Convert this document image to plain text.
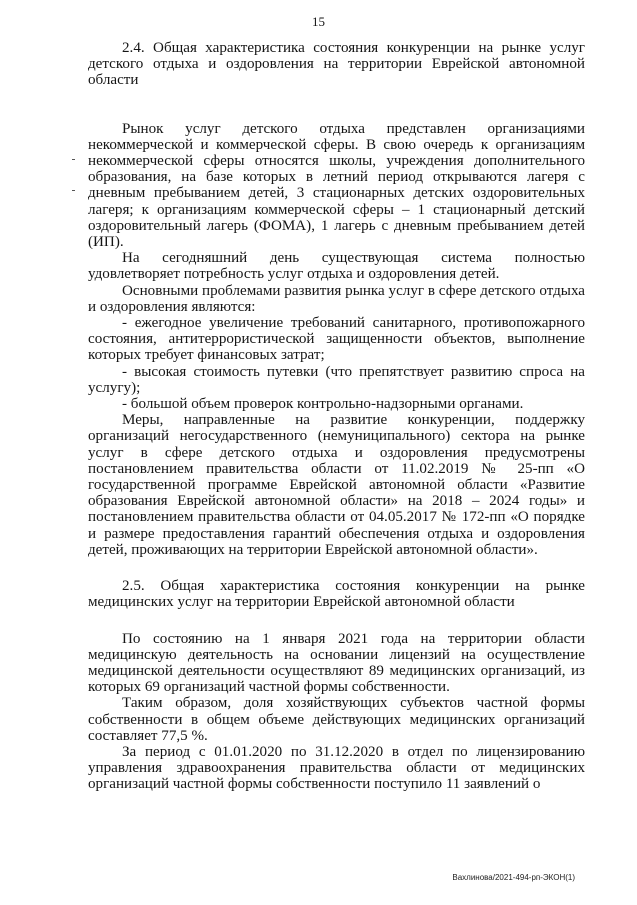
15

2.4. Общая характеристика состояния конкуренции на рынке услуг детского отдыха и оздоровления на территории Еврейской автономной области

Рынок услуг детского отдыха представлен организациями некоммерческой и коммерческой сферы. В свою очередь к организациям некоммерческой сферы относятся школы, учреждения дополнительного образования, на базе которых в летний период открываются лагеря с дневным пребыванием детей, 3 стационарных детских оздоровительных лагеря; к организациям коммерческой сферы – 1 стационарный детский оздоровительный лагерь (ФОМА), 1 лагерь с дневным пребыванием детей (ИП).

На сегодняшний день существующая система полностью удовлетворяет потребность услуг отдыха и оздоровления детей.

Основными проблемами развития рынка услуг в сфере детского отдыха и оздоровления являются:

- ежегодное увеличение требований санитарного, противопожарного состояния, антитеррористической защищенности объектов, выполнение которых требует финансовых затрат;

- высокая стоимость путевки (что препятствует развитию спроса на услугу);

- большой объем проверок контрольно-надзорными органами.

Меры, направленные на развитие конкуренции, поддержку организаций негосударственного (немуниципального) сектора на рынке услуг в сфере детского отдыха и оздоровления предусмотрены постановлением правительства области от 11.02.2019 № 25-пп «О государственной программе Еврейской автономной области «Развитие образования Еврейской автономной области» на 2018 – 2024 годы» и постановлением правительства области от 04.05.2017 № 172-пп «О порядке и размере предоставления гарантий обеспечения отдыха и оздоровления детей, проживающих на территории Еврейской автономной области».

2.5. Общая характеристика состояния конкуренции на рынке медицинских услуг на территории Еврейской автономной области

По состоянию на 1 января 2021 года на территории области медицинскую деятельность на основании лицензий на осуществление медицинской деятельности осуществляют 89 медицинских организаций, из которых 69 организаций частной формы собственности.

Таким образом, доля хозяйствующих субъектов частной формы собственности в общем объеме действующих медицинских организаций составляет 77,5 %.

За период с 01.01.2020 по 31.12.2020 в отдел по лицензированию управления здравоохранения правительства области от медицинских организаций частной формы собственности поступило 11 заявлений о

Вахлинова/2021-494-рп-ЭКОН(1)
